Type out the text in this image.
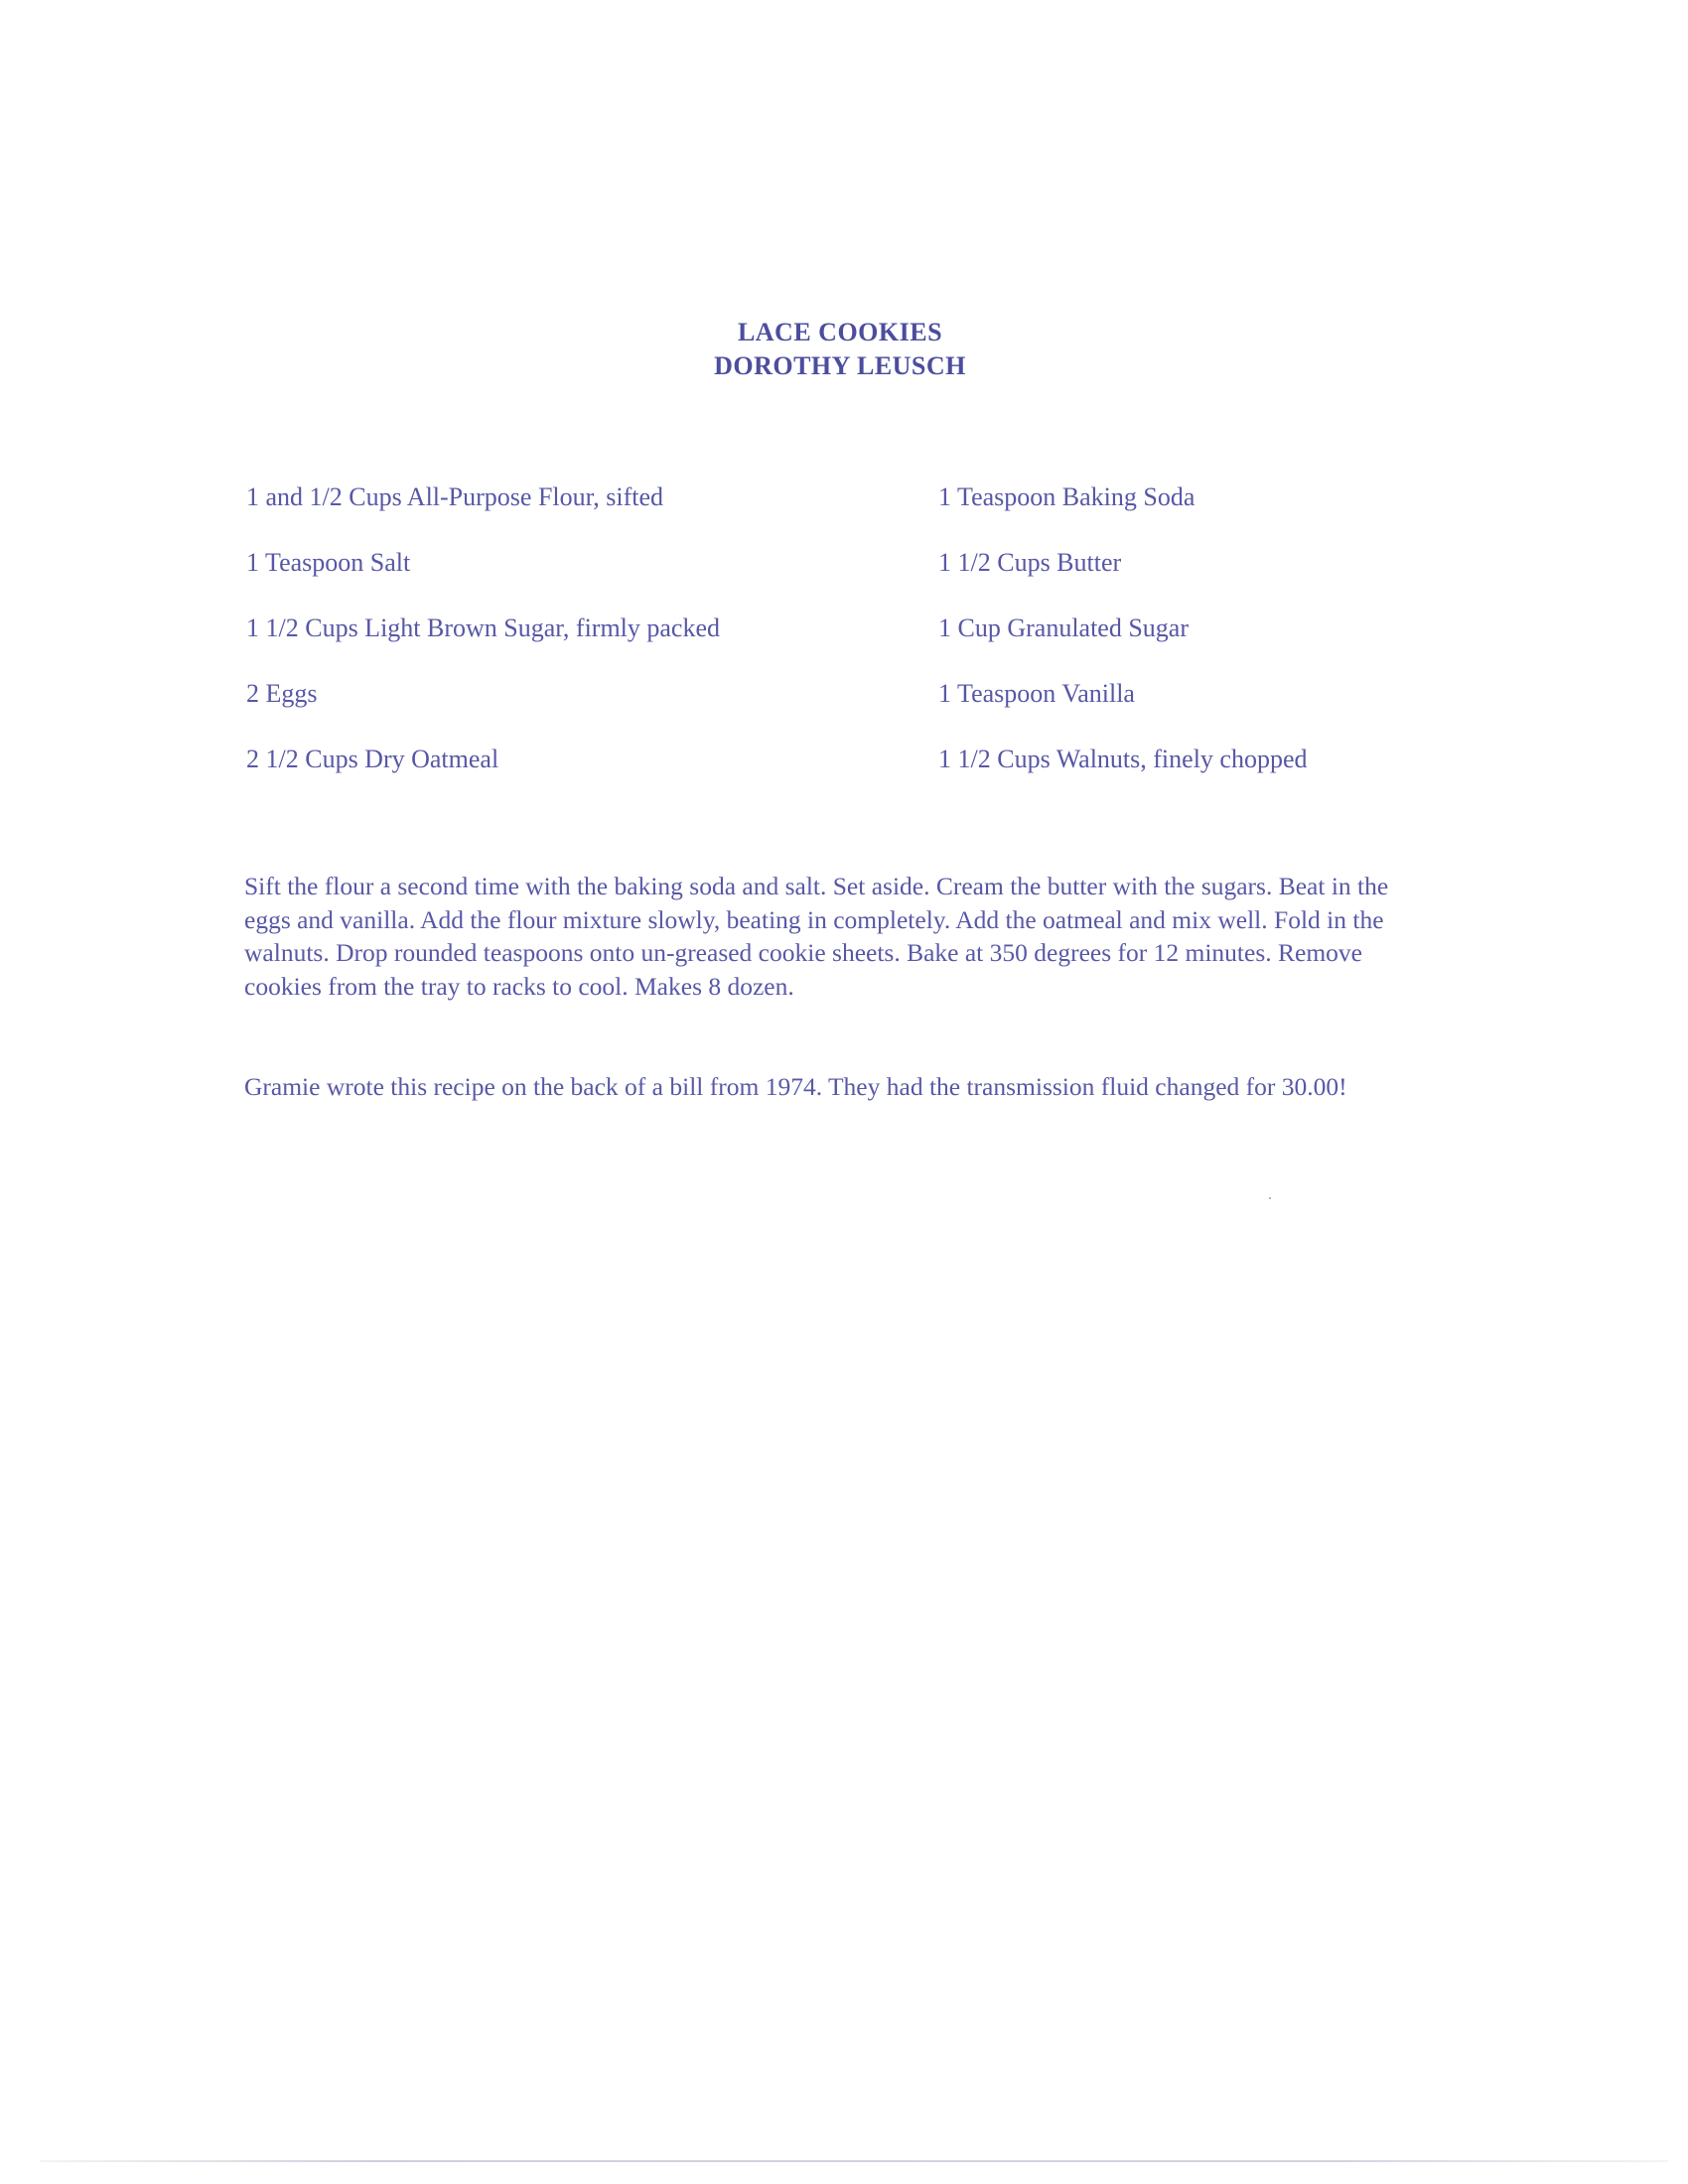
LACE COOKIES
DOROTHY LEUSCH
1 and 1/2 Cups All-Purpose Flour, sifted	1 Teaspoon Baking Soda
1 Teaspoon Salt	1 1/2 Cups Butter
1 1/2 Cups Light Brown Sugar, firmly packed	1 Cup Granulated Sugar
2 Eggs	1 Teaspoon Vanilla
2 1/2 Cups Dry Oatmeal	1 1/2 Cups Walnuts, finely chopped
Sift the flour a second time with the baking soda and salt. Set aside. Cream the butter with the sugars. Beat in the eggs and vanilla. Add the flour mixture slowly, beating in completely. Add the oatmeal and mix well. Fold in the walnuts. Drop rounded teaspoons onto un-greased cookie sheets. Bake at 350 degrees for 12 minutes. Remove cookies from the tray to racks to cool. Makes 8 dozen.
Gramie wrote this recipe on the back of a bill from 1974. They had the transmission fluid changed for 30.00!
